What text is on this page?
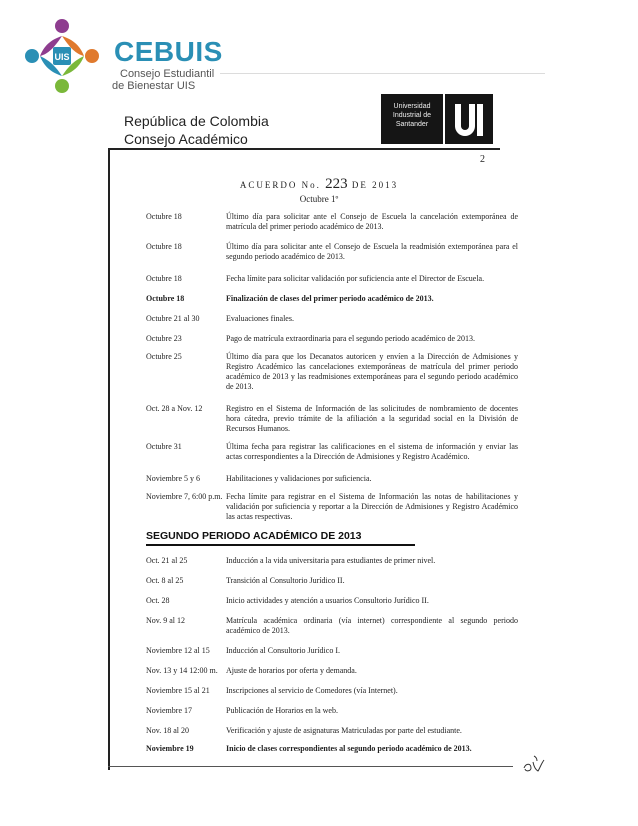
UIS CEBUIS
Consejo Estudiantil
de Bienestar UIS
República de Colombia
Consejo Académico
Universidad
Industrial de
Santander
2
ACUERDO No. 223 DE 2013
Octubre 1º
Octubre 18	Último día para solicitar ante el Consejo de Escuela la cancelación extemporánea de matrícula del primer periodo académico de 2013.
Octubre 18	Último día para solicitar ante el Consejo de Escuela la readmisión extemporánea para el segundo periodo académico de 2013.
Octubre 18	Fecha límite para solicitar validación por suficiencia ante el Director de Escuela.
Octubre 18	Finalización de clases del primer periodo académico de 2013.
Octubre 21 al 30	Evaluaciones finales.
Octubre 23	Pago de matrícula extraordinaria para el segundo periodo académico de 2013.
Octubre 25	Último día para que los Decanatos autoricen y envíen a la Dirección de Admisiones y Registro Académico las cancelaciones extemporáneas de matrícula del primer periodo académico de 2013 y las readmisiones extemporáneas para el segundo periodo académico de 2013.
Oct. 28 a Nov. 12	Registro en el Sistema de Información de las solicitudes de nombramiento de docentes hora cátedra, previo trámite de la afiliación a la seguridad social en la División de Recursos Humanos.
Octubre 31	Última fecha para registrar las calificaciones en el sistema de información y enviar las actas correspondientes a la Dirección de Admisiones y Registro Académico.
Noviembre 5 y 6	Habilitaciones y validaciones por suficiencia.
Noviembre 7, 6:00 p.m. Fecha límite para registrar en el Sistema de Información las notas de habilitaciones y validación por suficiencia y reportar a la Dirección de Admisiones y Registro Académico las actas respectivas.
SEGUNDO PERIODO ACADÉMICO DE 2013
Oct. 21 al 25	Inducción a la vida universitaria para estudiantes de primer nivel.
Oct. 8 al 25	Transición al Consultorio Jurídico II.
Oct. 28	Inicio actividades y atención a usuarios Consultorio Jurídico II.
Nov. 9 al 12	Matrícula académica ordinaria (vía internet) correspondiente al segundo periodo académico de 2013.
Noviembre 12 al 15	Inducción al Consultorio Jurídico I.
Nov. 13 y 14 12:00 m.	Ajuste de horarios por oferta y demanda.
Noviembre 15 al 21	Inscripciones al servicio de Comedores (vía Internet).
Noviembre 17	Publicación de Horarios en la web.
Nov. 18 al 20	Verificación y ajuste de asignaturas Matriculadas por parte del estudiante.
Noviembre 19	Inicio de clases correspondientes al segundo periodo académico de 2013.
